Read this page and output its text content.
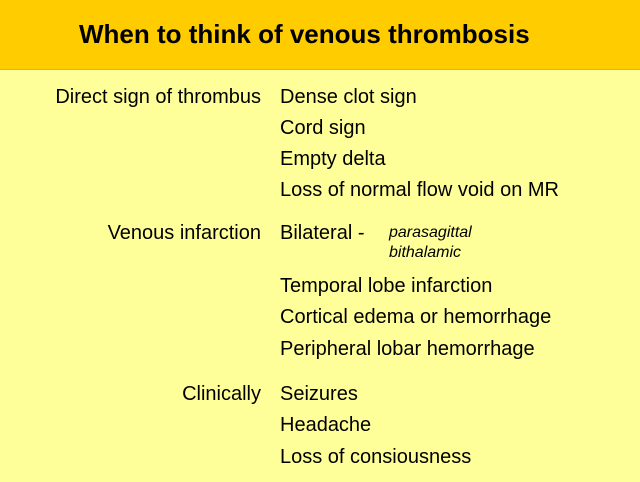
When to think of venous thrombosis
Direct sign of thrombus Dense clot sign
Cord sign
Empty delta
Loss of normal flow void on MR
Venous infarction Bilateral - parasagittal
bithalamic
Temporal lobe infarction
Cortical edema or hemorrhage
Peripheral lobar hemorrhage
Clinically Seizures
Headache
Loss of consiousness
